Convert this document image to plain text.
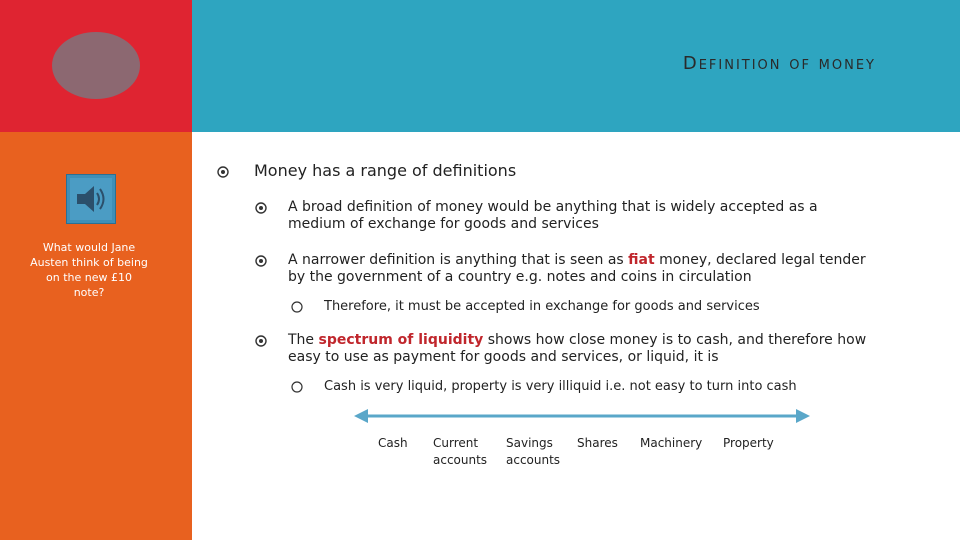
Definition of money
What would Jane Austen think of being on the new £10 note?
Money has a range of definitions
A broad definition of money would be anything that is widely accepted as a medium of exchange for goods and services
A narrower definition is anything that is seen as fiat money, declared legal tender by the government of a country e.g. notes and coins in circulation
Therefore, it must be accepted in exchange for goods and services
The spectrum of liquidity shows how close money is to cash, and therefore how easy to use as payment for goods and services, or liquid, it is
Cash is very liquid, property is very illiquid i.e. not easy to turn into cash
Cash Current accounts
Savings accounts
Shares Machinery Property
